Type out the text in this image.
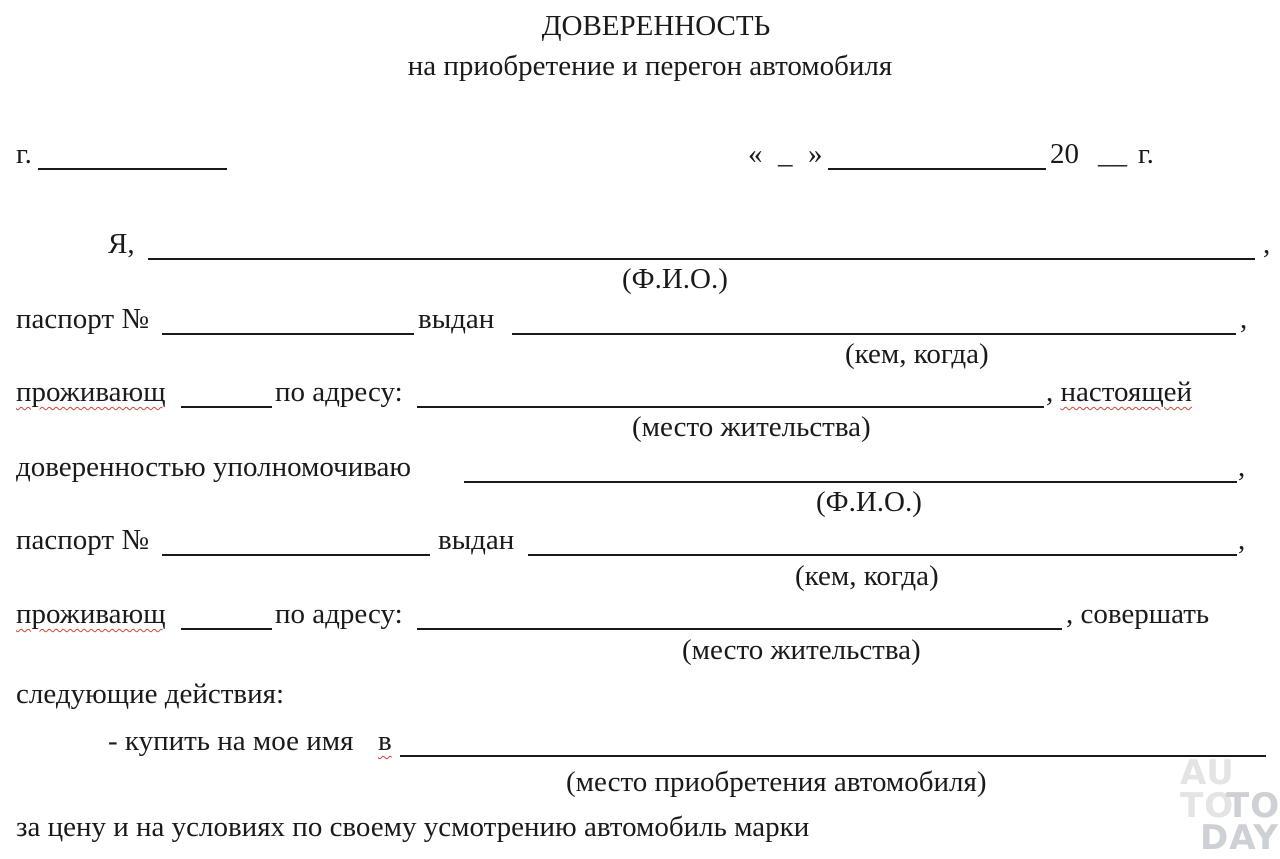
ДОВЕРЕННОСТЬ
на приобретение и перегон автомобиля
г.	« _ »	20 __ г.
Я,	,
(Ф.И.О.)
паспорт №	выдан	,
(кем, когда)
проживающ	по адресу:	, настоящей
(место жительства)
доверенностью уполномочиваю	,
(Ф.И.О.)
паспорт №	выдан	,
(кем, когда)
проживающ	по адресу:	, совершать
(место жительства)
следующие действия:
- купить на мое имя в
(место приобретения автомобиля)
за цену и на условиях по своему усмотрению автомобиль марки
AU
TO
TO
DAY
